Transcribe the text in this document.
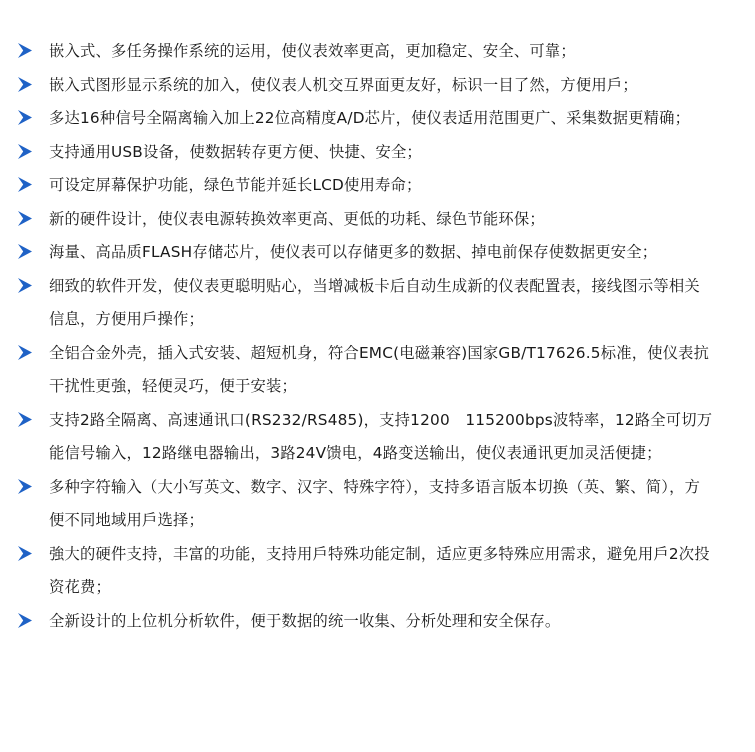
嵌入式、多任务操作系统的运用，使仪表效率更高，更加稳定、安全、可靠；
嵌入式图形显示系统的加入，使仪表人机交互界面更友好，标识一目了然，方便用戶；
多达16种信号全隔离输入加上22位高精度A/D芯片，使仪表适用范围更广、采集数据更精确；
支持通用USB设备，使数据转存更方便、快捷、安全；
可设定屏幕保护功能，绿色节能并延长LCD使用寿命；
新的硬件设计，使仪表电源转换效率更高、更低的功耗、绿色节能环保；
海量、高品质FLASH存储芯片，使仪表可以存储更多的数据、掉电前保存使数据更安全；
细致的软件开发，使仪表更聪明贴心，当增减板卡后自动生成新的仪表配置表，接线图示等相关信息，方便用戶操作；
全铝合金外壳，插入式安装、超短机身，符合EMC(电磁兼容)国家GB/T17626.5标准，使仪表抗干扰性更強，轻便灵巧，便于安装；
支持2路全隔离、高速通讯口(RS232/RS485)，支持1200　115200bps波特率，12路全可切万能信号输入，12路继电器输出，3路24V馈电，4路变送输出，使仪表通讯更加灵活便捷；
多种字符输入（大小写英文、数字、汉字、特殊字符），支持多语言版本切换（英、繁、简），方便不同地域用戶选择；
強大的硬件支持，丰富的功能，支持用戶特殊功能定制，适应更多特殊应用需求，避免用戶2次投资花费；
全新设计的上位机分析软件，便于数据的统一收集、分析处理和安全保存。
